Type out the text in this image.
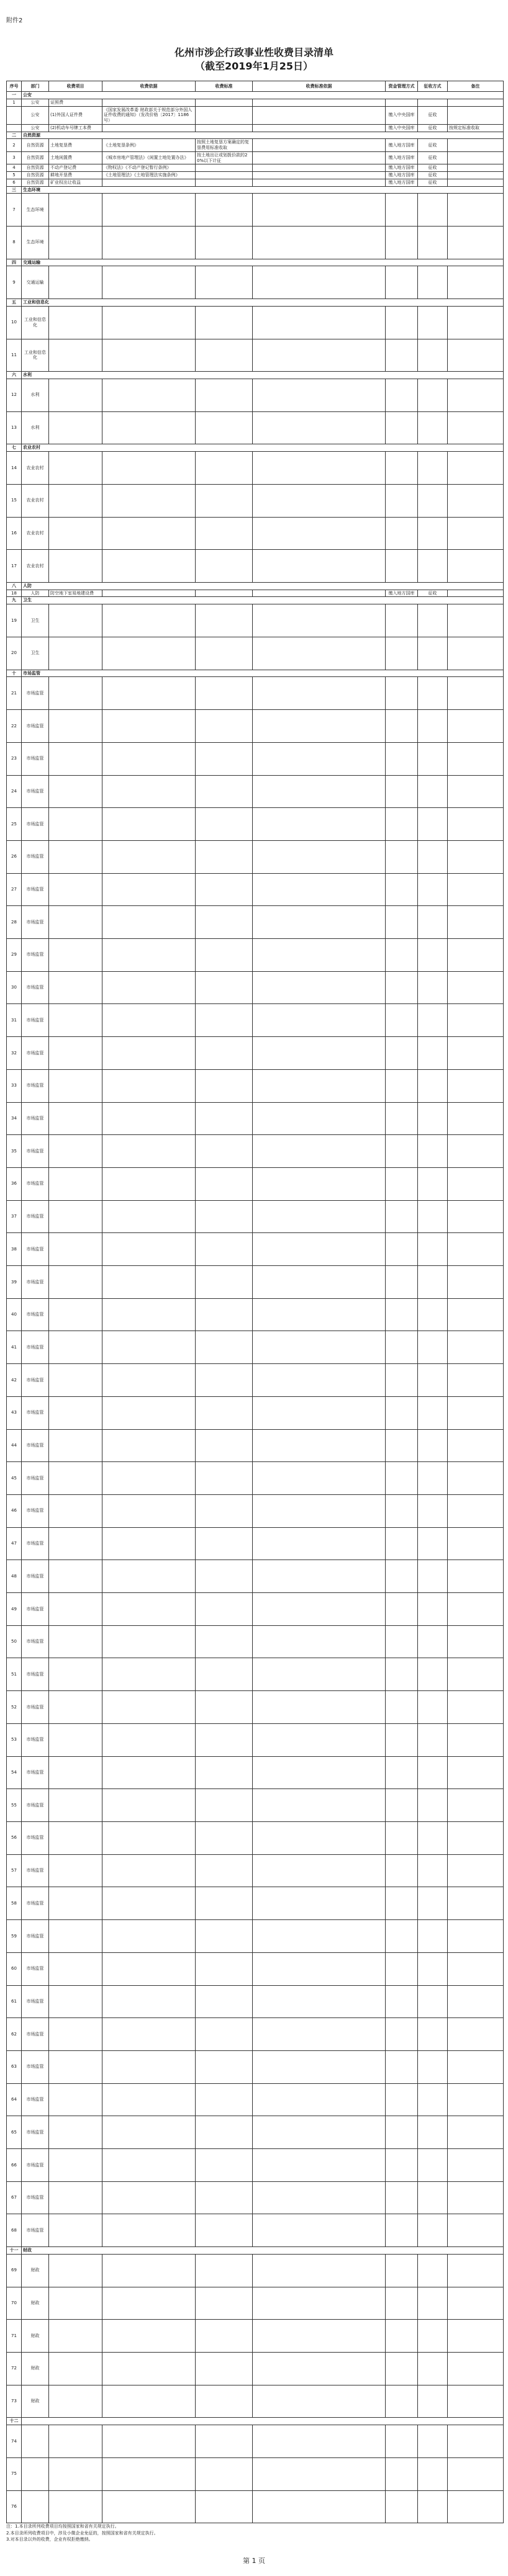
附件2
化州市涉企行政事业性收费目录清单
（截至2019年1月25日）
序号	部门	收费项目	收费依据	收费标准	收费标准依据	资金管理方式	征收方式	备注
一	公安							
1	公安	证照费						
	公安	(1)外国人证件费	《国家发展改革委 财政部关于规范部分外国人证件收费的通知》（发改价格〔2017〕1186号）			缴入中央国库	征收	
	公安	(2)机动车号牌工本费				缴入中央国库	征收	按规定标准收取
二	自然资源							
2	自然资源	土地复垦费	《土地复垦条例》	按照土地复垦方案确定的复垦费用标准收取		缴入地方国库	征收	
3	自然资源	土地闲置费	《城市房地产管理法》《闲置土地处置办法》	按土地出让或划拨价款的20%以下计征		缴入地方国库	征收	
4	自然资源	不动产登记费	《物权法》《不动产登记暂行条例》			缴入地方国库	征收	
5	自然资源	耕地开垦费	《土地管理法》《土地管理法实施条例》			缴入地方国库	征收	
6	自然资源	矿业权出让收益				缴入地方国库	征收	
三	生态环境							
7	生态环境							
8	生态环境							
四	交通运输							
9	交通运输							
五	工业和信息化							
10	工业和信息化							
11	工业和信息化							
六	水利							
12	水利							
13	水利							
七	农业农村							
14	农业农村							
15	农业农村							
16	农业农村							
17	农业农村							
八	人防							
18	人防	防空地下室易地建设费				缴入地方国库	征收	
九	卫生							
19	卫生							
20	卫生							
十	市场监管							
21	市场监管							
22	市场监管							
23	市场监管							
24	市场监管							
25	市场监管							
26	市场监管							
27	市场监管							
28	市场监管							
29	市场监管							
30	市场监管							
31	市场监管							
32	市场监管							
33	市场监管							
34	市场监管							
35	市场监管							
36	市场监管							
37	市场监管							
38	市场监管							
39	市场监管							
40	市场监管							
41	市场监管							
42	市场监管							
43	市场监管							
44	市场监管							
45	市场监管							
46	市场监管							
47	市场监管							
48	市场监管							
49	市场监管							
50	市场监管							
51	市场监管							
52	市场监管							
53	市场监管							
54	市场监管							
55	市场监管							
56	市场监管							
57	市场监管							
58	市场监管							
59	市场监管							
60	市场监管							
61	市场监管							
62	市场监管							
63	市场监管							
64	市场监管							
65	市场监管							
66	市场监管							
67	市场监管							
68	市场监管							
十一	财政							
69	财政							
70	财政							
71	财政							
72	财政							
73	财政							
十二								
74								
75								
76								
注：1.本目录所列收费项目均按照国家和省有关规定执行。
2.本目录所列收费项目中，涉及小微企业免征的，按照国家和省有关规定执行。
3.对本目录以外的收费，企业有权拒绝缴纳。
第 1 页
